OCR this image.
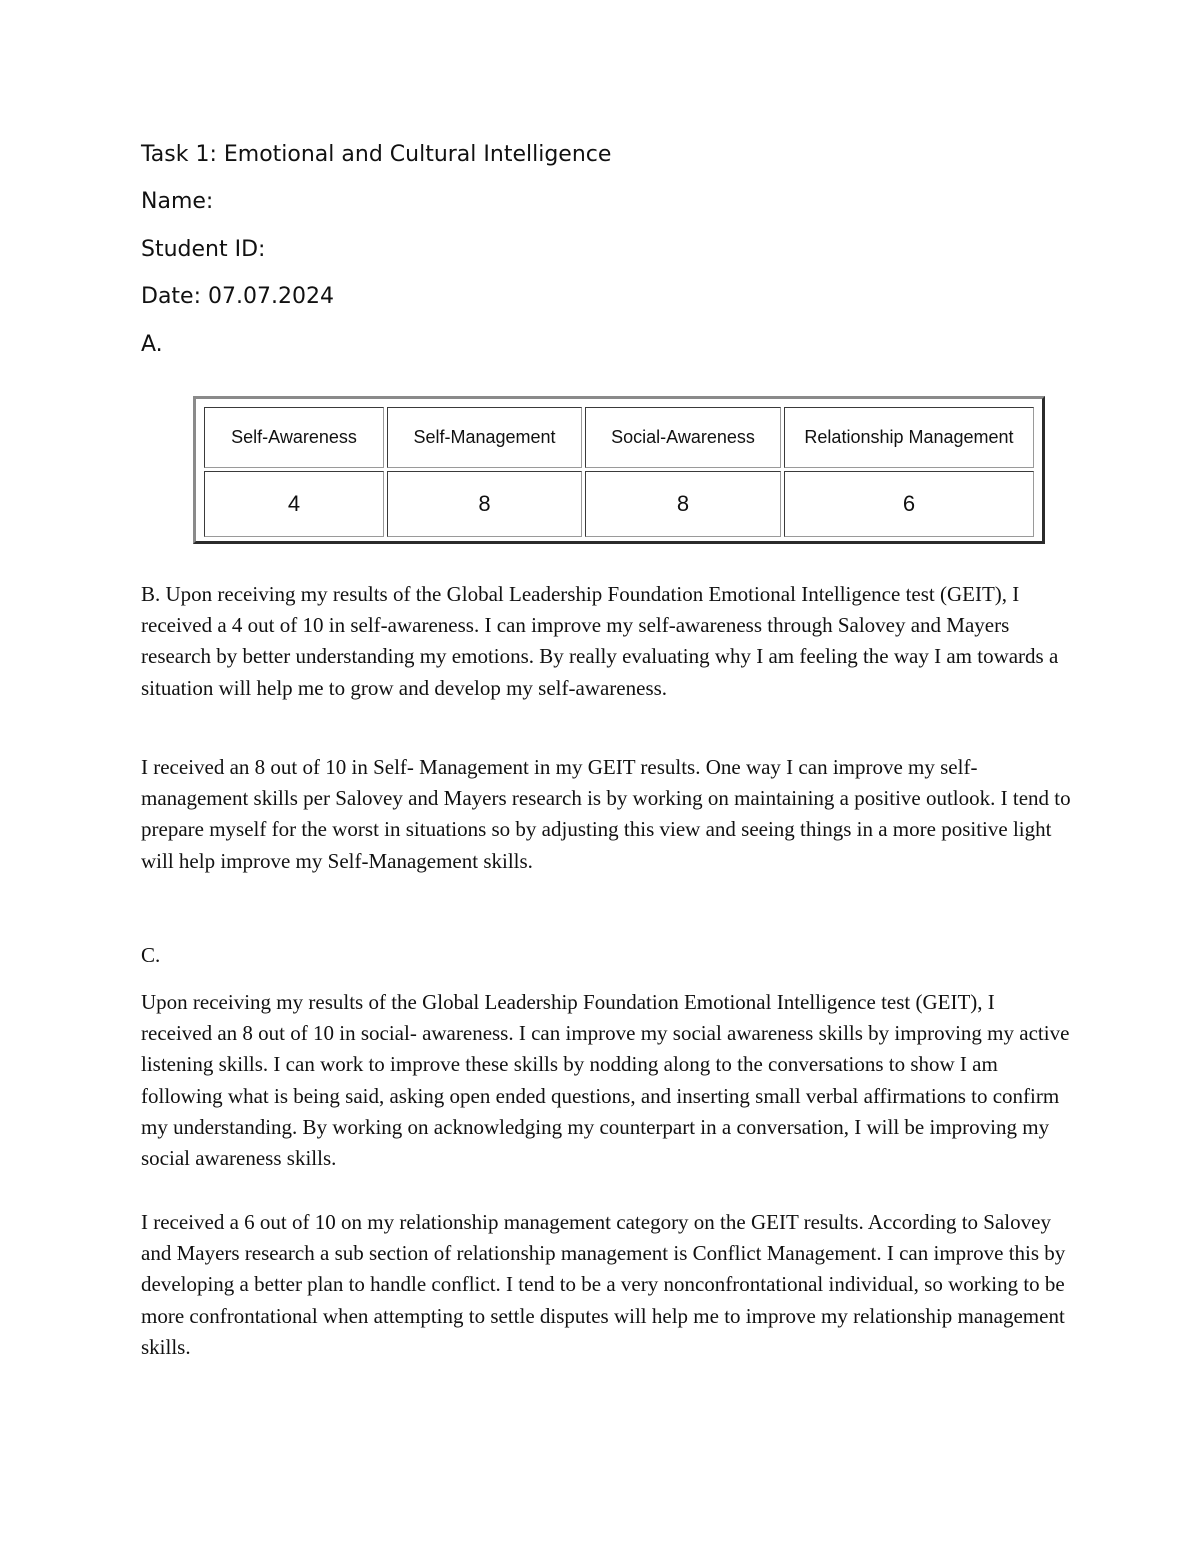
Task 1: Emotional and Cultural Intelligence

Name:

Student ID:

Date: 07.07.2024

A.

Self-Awareness	Self-Management	Social-Awareness	Relationship Management
4	8	8	6

B. Upon receiving my results of the Global Leadership Foundation Emotional Intelligence test (GEIT), I received a 4 out of 10 in self-awareness. I can improve my self-awareness through Salovey and Mayers research by better understanding my emotions. By really evaluating why I am feeling the way I am towards a situation will help me to grow and develop my self-awareness.

I received an 8 out of 10 in Self- Management in my GEIT results. One way I can improve my self-management skills per Salovey and Mayers research is by working on maintaining a positive outlook. I tend to prepare myself for the worst in situations so by adjusting this view and seeing things in a more positive light will help improve my Self-Management skills.

C.

Upon receiving my results of the Global Leadership Foundation Emotional Intelligence test (GEIT), I received an 8 out of 10 in social- awareness. I can improve my social awareness skills by improving my active listening skills. I can work to improve these skills by nodding along to the conversations to show I am following what is being said, asking open ended questions, and inserting small verbal affirmations to confirm my understanding. By working on acknowledging my counterpart in a conversation, I will be improving my social awareness skills.

I received a 6 out of 10 on my relationship management category on the GEIT results. According to Salovey and Mayers research a sub section of relationship management is Conflict Management. I can improve this by developing a better plan to handle conflict. I tend to be a very nonconfrontational individual, so working to be more confrontational when attempting to settle disputes will help me to improve my relationship management skills.
